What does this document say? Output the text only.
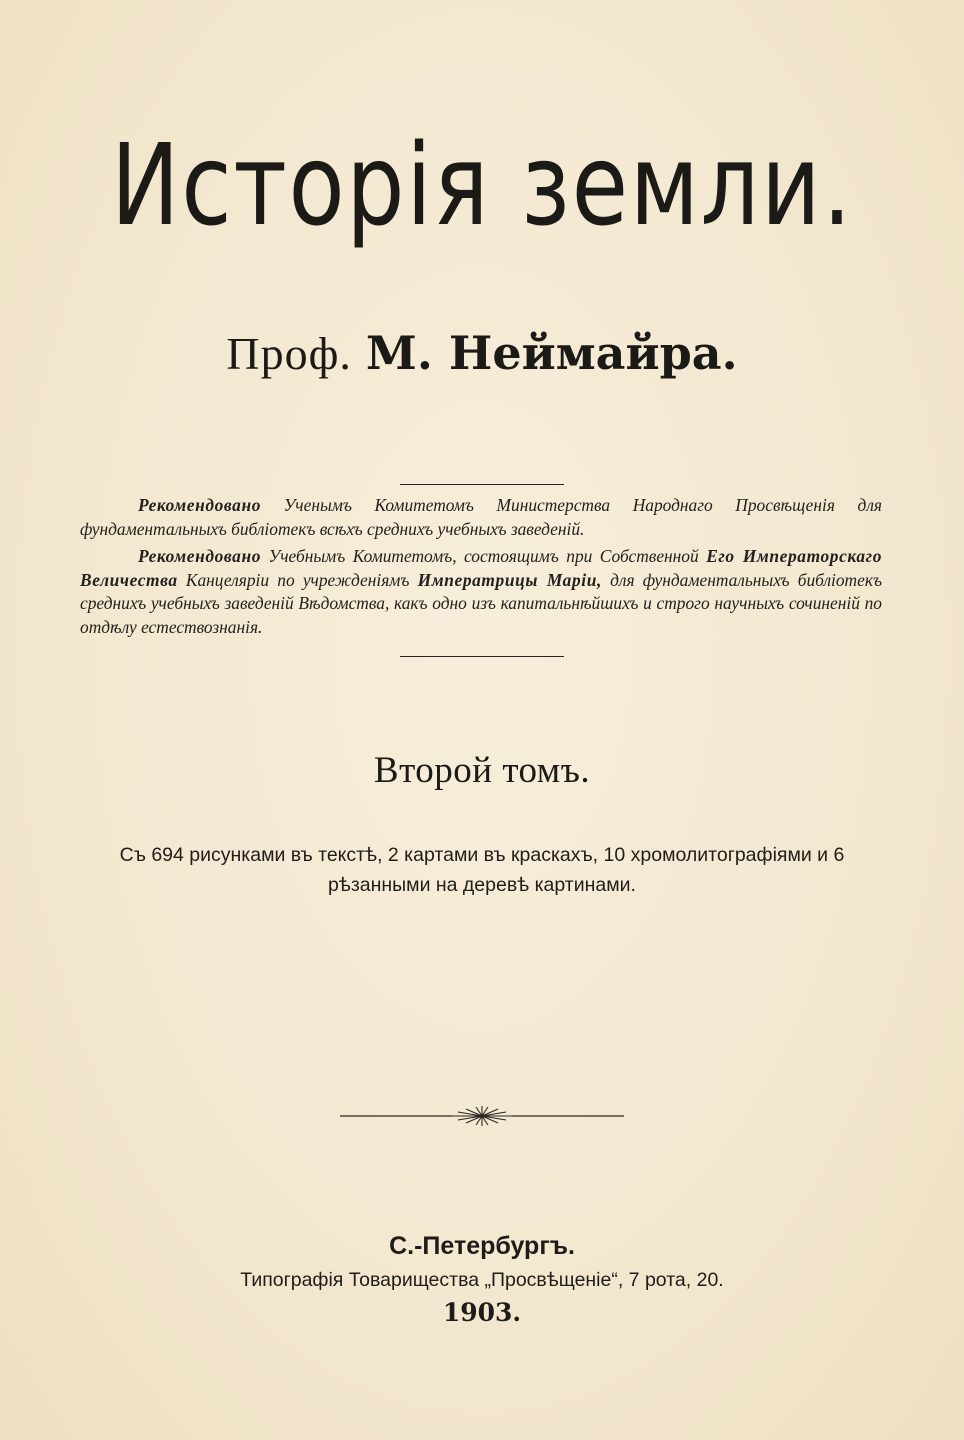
Исторія земли.
Проф. М. Неймайра.

Рекомендовано Ученымъ Комитетомъ Министерства Народнаго Просвѣщенія для фундаментальныхъ библіотекъ всѣхъ среднихъ учебныхъ заведеній.

Рекомендовано Учебнымъ Комитетомъ, состоящимъ при Собственной Его Императорскаго Величества Канцеляріи по учрежденіямъ Императрицы Маріи, для фундаментальныхъ библіотекъ среднихъ учебныхъ заведеній Вѣдомства, какъ одно изъ капитальнѣйшихъ и строго научныхъ сочиненій по отдѣлу естествознанія.

Второй томъ.
Съ 694 рисунками въ текстѣ, 2 картами въ краскахъ, 10 хромолитографіями и 6 рѣзанными на деревѣ картинами.
С.-Петербургъ.
Типографія Товарищества „Просвѣщеніе“, 7 рота, 20.
1903.
